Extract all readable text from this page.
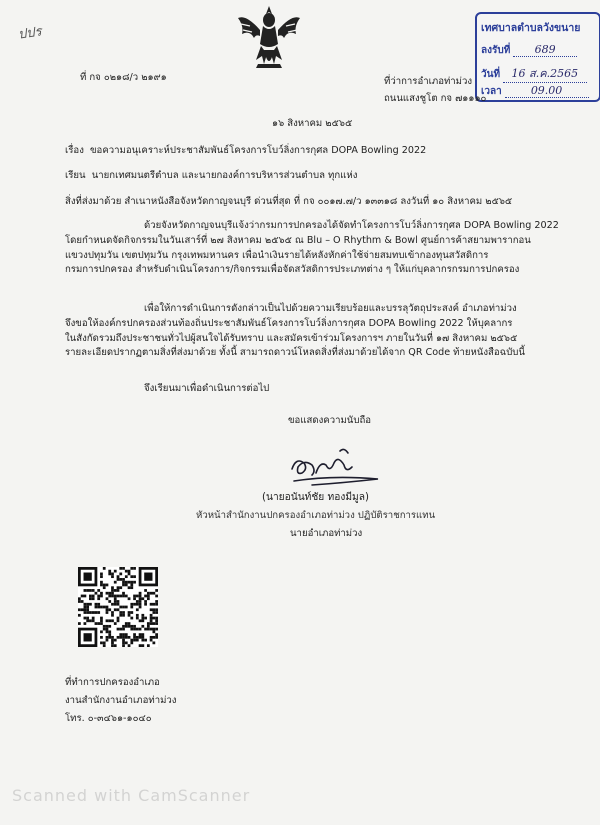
ปปร	เทศบาลตำบลวังขนาย
ลงรับที่ 689
วันที่ 16 ส.ค.2565
เวลา	09.00
ที่ กจ ๐๒๑๘/ว ๒๑๙๑	ที่ว่าการอำเภอท่าม่วง
ถนนแสงชูโต กจ ๗๑๑๑๐
๑๖ สิงหาคม ๒๕๖๕
เรื่อง ขอความอนุเคราะห์ประชาสัมพันธ์โครงการโบว์ลิ่งการกุศล DOPA Bowling 2022
เรียน นายกเทศมนตรีตำบล และนายกองค์การบริหารส่วนตำบล ทุกแห่ง
สิ่งที่ส่งมาด้วย สำเนาหนังสือจังหวัดกาญจนบุรี ด่วนที่สุด ที่ กจ ๐๐๑๗.๗/ว ๑๓๓๑๘ ลงวันที่ ๑๐ สิงหาคม ๒๕๖๕
ด้วยจังหวัดกาญจนบุรีแจ้งว่ากรมการปกครองได้จัดทำโครงการโบว์ลิ่งการกุศล DOPA Bowling 2022
โดยกำหนดจัดกิจกรรมในวันเสาร์ที่ ๒๗ สิงหาคม ๒๕๖๕ ณ Blu – O Rhythm & Bowl ศูนย์การค้าสยามพารากอน
แขวงปทุมวัน เขตปทุมวัน กรุงเทพมหานคร เพื่อนำเงินรายได้หลังหักค่าใช้จ่ายสมทบเข้ากองทุนสวัสดิการ
กรมการปกครอง สำหรับดำเนินโครงการ/กิจกรรมเพื่อจัดสวัสดิการประเภทต่าง ๆ ให้แก่บุคลากรกรมการปกครอง
เพื่อให้การดำเนินการดังกล่าวเป็นไปด้วยความเรียบร้อยและบรรลุวัตถุประสงค์ อำเภอท่าม่วง
จึงขอให้องค์กรปกครองส่วนท้องถิ่นประชาสัมพันธ์โครงการโบว์ลิ่งการกุศล DOPA Bowling 2022 ให้บุคลากร
ในสังกัดรวมถึงประชาชนทั่วไปผู้สนใจได้รับทราบ และสมัครเข้าร่วมโครงการฯ ภายในวันที่ ๑๗ สิงหาคม ๒๕๖๕
รายละเอียดปรากฏตามสิ่งที่ส่งมาด้วย ทั้งนี้ สามารถดาวน์โหลดสิ่งที่ส่งมาด้วยได้จาก QR Code ท้ายหนังสือฉบับนี้
จึงเรียนมาเพื่อดำเนินการต่อไป
ขอแสดงความนับถือ
(นายอนันท์ชัย ทองมีมูล)
หัวหน้าสำนักงานปกครองอำเภอท่าม่วง ปฏิบัติราชการแทน
นายอำเภอท่าม่วง
ที่ทำการปกครองอำเภอ
งานสำนักงานอำเภอท่าม่วง
โทร. ๐-๓๔๖๑-๑๐๔๐
Scanned with CamScanner
